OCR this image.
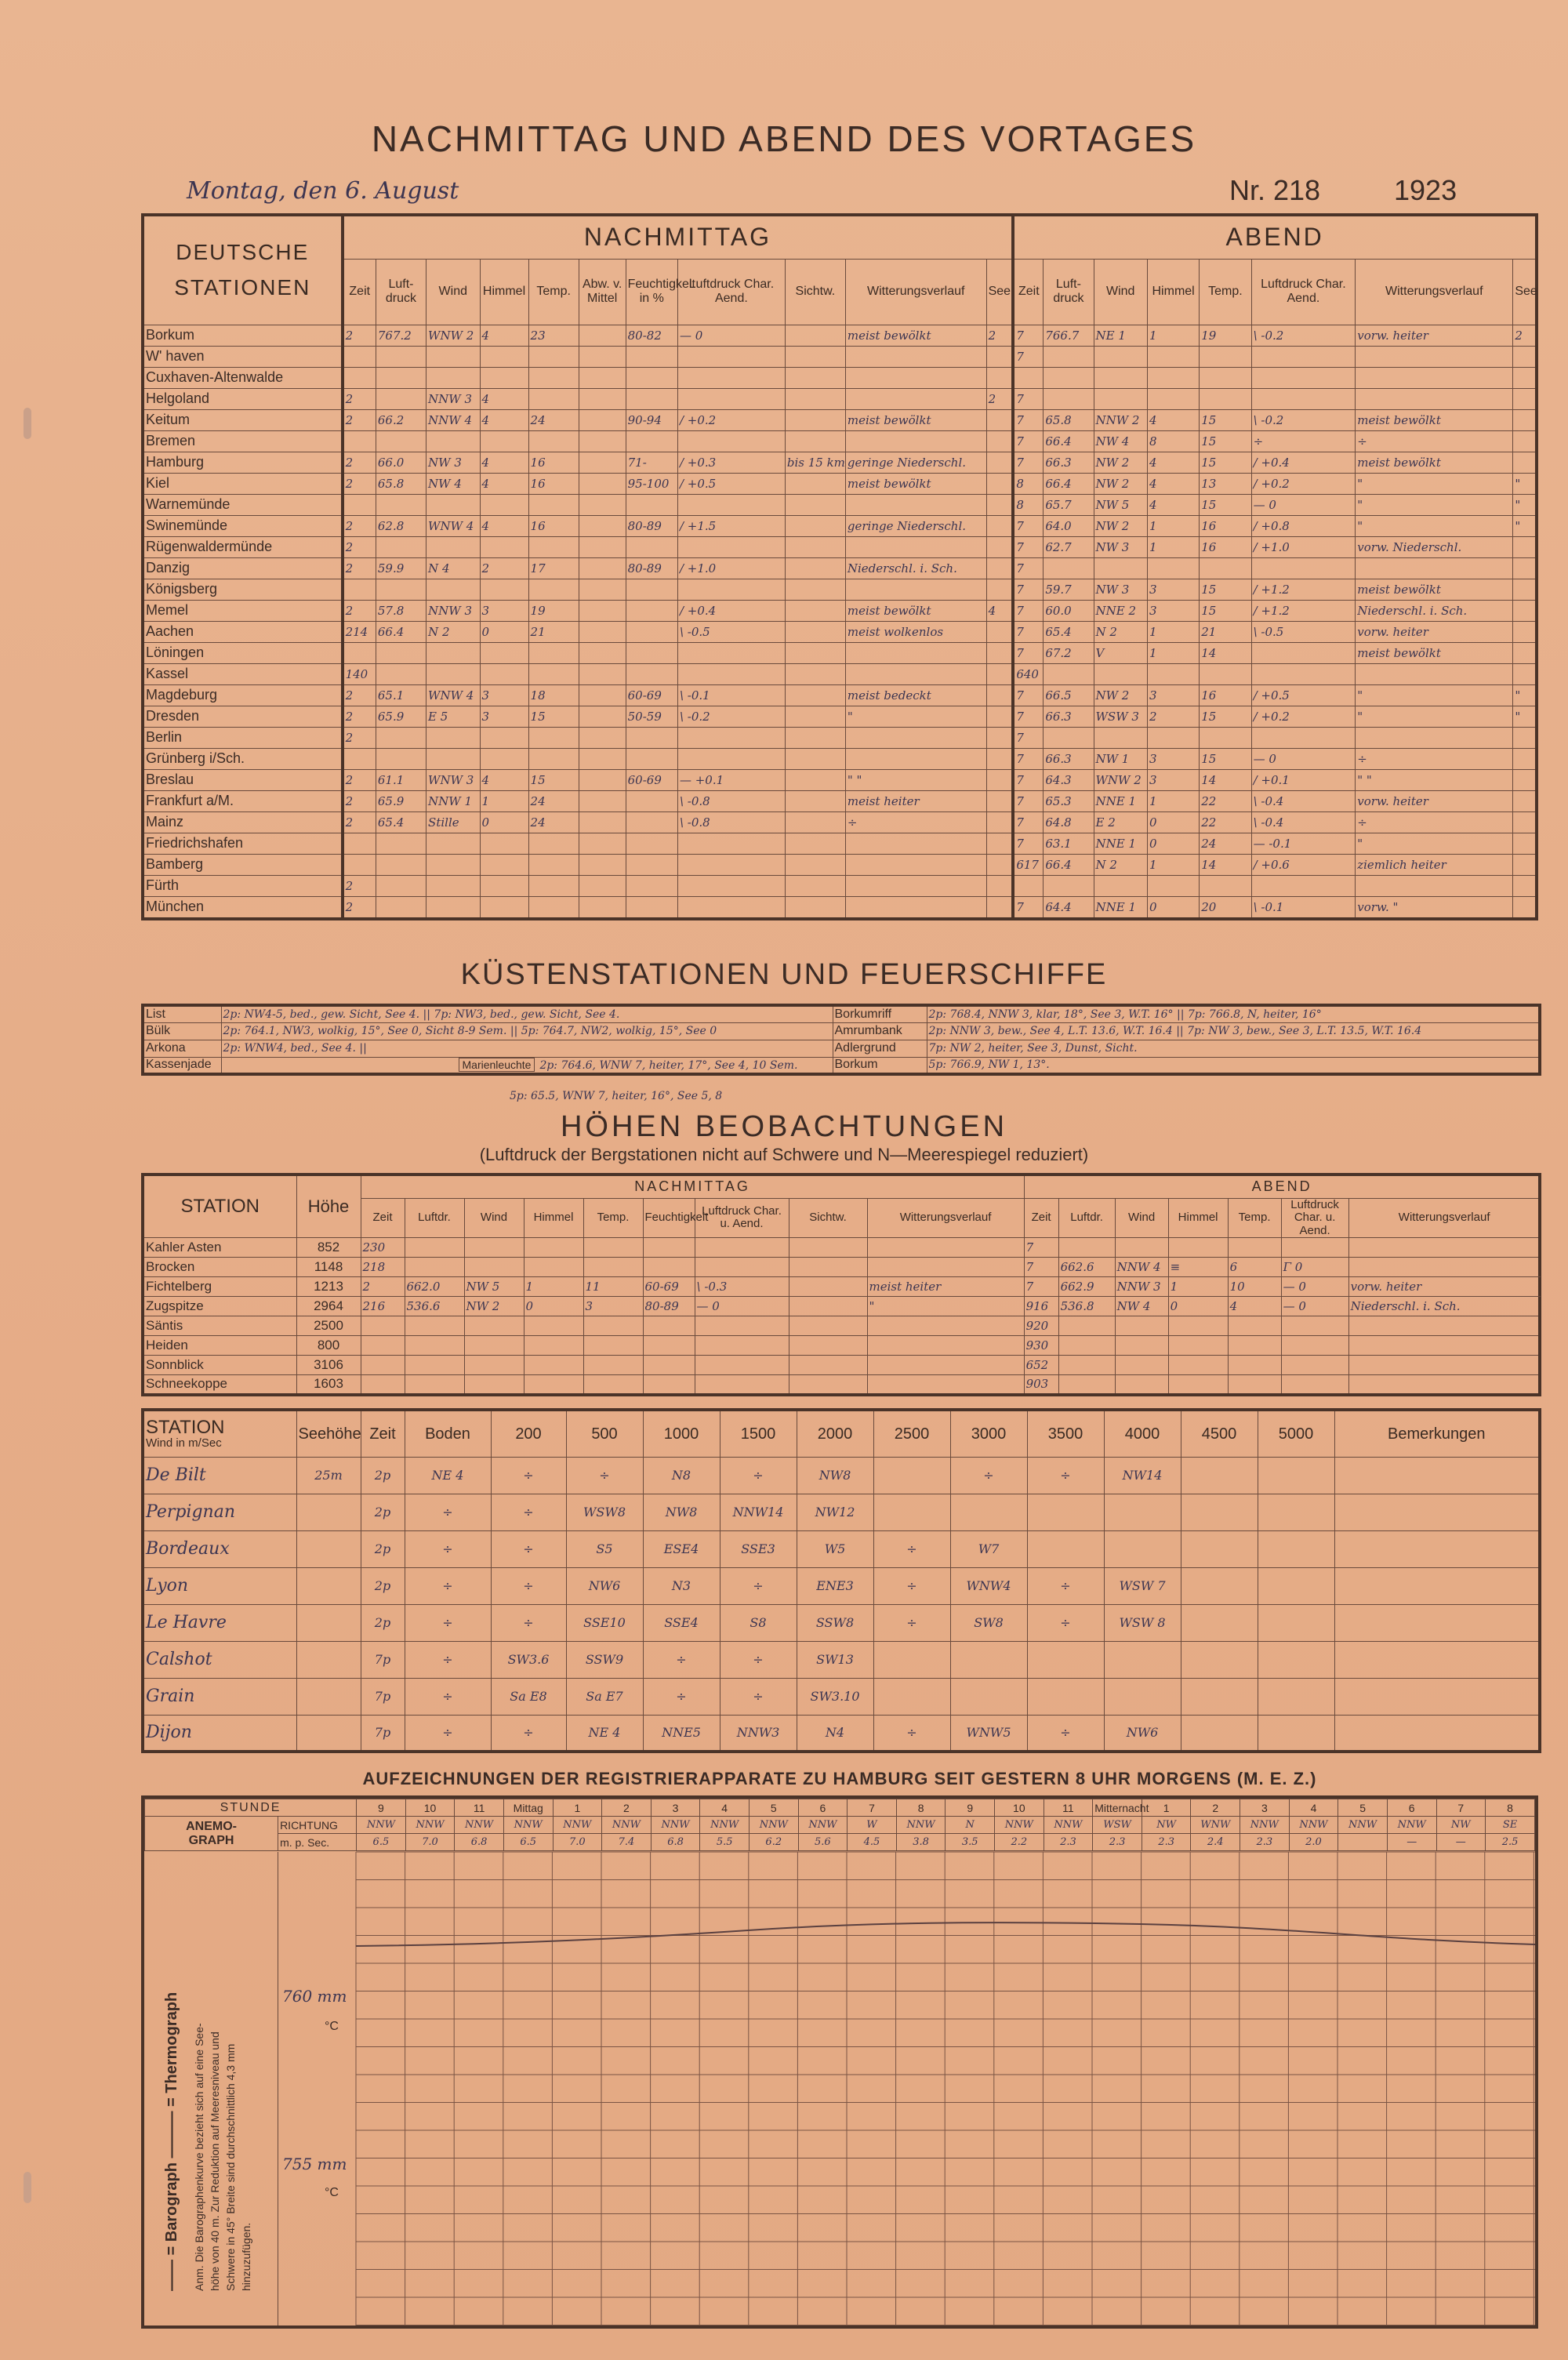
NACHMITTAG UND ABEND DES VORTAGES
Montag, den 6. August	Nr. 218	1923
DEUTSCHE
STATIONEN	NACHMITTAG											ABEND							
	Zeit	Luft-druck	Wind	Himmel	Temp.	Abw. v. Mittel	Feuchtigkeit in %	Luftdruck Char. Aend.	Sichtw.	Witterungsverlauf	See	Zeit	Luft-druck	Wind	Himmel	Temp.	Luftdruck Char. Aend.	Witterungsverlauf	See
Borkum	2	767.2	WNW 2	4	23		80-82	— 0		meist bewölkt	2	7	766.7	NE 1	1	19	\ -0.2	vorw. heiter	2
W' haven												7							
Cuxhaven-Altenwalde																			
Helgoland	2		NNW 3	4							2	7							
Keitum	2	66.2	NNW 4	4	24		90-94	/ +0.2		meist bewölkt		7	65.8	NNW 2	4	15	\ -0.2	meist bewölkt	
Bremen												7	66.4	NW 4	8	15	÷	÷	
Hamburg	2	66.0	NW 3	4	16		71-	/ +0.3	bis 15 km	geringe Niederschl.		7	66.3	NW 2	4	15	/ +0.4	meist bewölkt	
Kiel	2	65.8	NW 4	4	16		95-100	/ +0.5		meist bewölkt		8	66.4	NW 2	4	13	/ +0.2	"	"
Warnemünde												8	65.7	NW 5	4	15	— 0	"	"
Swinemünde	2	62.8	WNW 4	4	16		80-89	/ +1.5		geringe Niederschl.		7	64.0	NW 2	1	16	/ +0.8	"	"
Rügenwaldermünde	2											7	62.7	NW 3	1	16	/ +1.0	vorw. Niederschl.	
Danzig	2	59.9	N 4	2	17		80-89	/ +1.0		Niederschl. i. Sch.		7							
Königsberg												7	59.7	NW 3	3	15	/ +1.2	meist bewölkt	
Memel	2	57.8	NNW 3	3	19			/ +0.4		meist bewölkt	4	7	60.0	NNE 2	3	15	/ +1.2	Niederschl. i. Sch.	
Aachen	214	66.4	N 2	0	21			\ -0.5		meist wolkenlos		7	65.4	N 2	1	21	\ -0.5	vorw. heiter	
Löningen												7	67.2	V	1	14		meist bewölkt	
Kassel	140											640							
Magdeburg	2	65.1	WNW 4	3	18		60-69	\ -0.1		meist bedeckt		7	66.5	NW 2	3	16	/ +0.5	"	"
Dresden	2	65.9	E 5	3	15		50-59	\ -0.2		"		7	66.3	WSW 3	2	15	/ +0.2	"	"
Berlin	2											7							
Grünberg i/Sch.												7	66.3	NW 1	3	15	— 0	÷	
Breslau	2	61.1	WNW 3	4	15		60-69	— +0.1		" "		7	64.3	WNW 2	3	14	/ +0.1	" "	
Frankfurt a/M.	2	65.9	NNW 1	1	24			\ -0.8		meist heiter		7	65.3	NNE 1	1	22	\ -0.4	vorw. heiter	
Mainz	2	65.4	Stille	0	24			\ -0.8		÷		7	64.8	E 2	0	22	\ -0.4	÷	
Friedrichshafen												7	63.1	NNE 1	0	24	— -0.1	"	
Bamberg												617	66.4	N 2	1	14	/ +0.6	ziemlich heiter	
Fürth	2																		
München	2											7	64.4	NNE 1	0	20	\ -0.1	vorw. "	
KÜSTENSTATIONEN UND FEUERSCHIFFE
List	2p: NW4-5, bed., gew. Sicht, See 4. || 7p: NW3, bed., gew. Sicht, See 4.	Borkumriff	2p: 768.4, NNW 3, klar, 18°, See 3, W.T. 16° || 7p: 766.8, N, heiter, 16°
Bülk	2p: 764.1, NW3, wolkig, 15°, See 0, Sicht 8-9 Sem. || 5p: 764.7, NW2, wolkig, 15°, See 0	Amrumbank	2p: NNW 3, bew., See 4, L.T. 13.6, W.T. 16.4 || 7p: NW 3, bew., See 3, L.T. 13.5, W.T. 16.4
Arkona	2p: WNW4, bed., See 4. ||	Adlergrund	7p: NW 2, heiter, See 3, Dunst, Sicht.
Kassenjade	Marienleuchte 2p: 764.6, WNW 7, heiter, 17°, See 4, 10 Sem.	Borkum	5p: 766.9, NW 1, 13°.
5p: 65.5, WNW 7, heiter, 16°, See 5, 8
HÖHEN BEOBACHTUNGEN
(Luftdruck der Bergstationen nicht auf Schwere und N—Meerespiegel reduziert)
STATION	Höhe	NACHMITTAG									ABEND							
		Zeit	Luftdr.	Wind	Himmel	Temp.	Feuchtigkeit	Luftdruck Char. u. Aend.	Sichtw.	Witterungsverlauf	Zeit	Luftdr.	Wind	Himmel	Temp.	Luftdruck Char. u. Aend.	Witterungsverlauf	
Kahler Asten	852	230									7							
Brocken	1148	218									7	662.6	NNW 4	≡	6	Γ 0		
Fichtelberg	1213	2	662.0	NW 5	1	11	60-69	\ -0.3		meist heiter	7	662.9	NNW 3	1	10	— 0	vorw. heiter	
Zugspitze	2964	216	536.6	NW 2	0	3	80-89	— 0		"	916	536.8	NW 4	0	4	— 0	Niederschl. i. Sch.	
Säntis	2500										920							
Heiden	800										930							
Sonnblick	3106										652							
Schneekoppe	1603										903							
STATION
Wind in m/Sec	Seehöhe	Zeit	Boden	200	500	1000	1500	2000	2500	3000	3500	4000	4500	5000	Bemerkungen
De Bilt	25m	2p	NE 4	÷	÷	N8	÷	NW8		÷	÷	NW14			
Perpignan		2p	÷	÷	WSW8	NW8	NNW14	NW12							
Bordeaux		2p	÷	÷	S5	ESE4	SSE3	W5	÷	W7					
Lyon		2p	÷	÷	NW6	N3	÷	ENE3	÷	WNW4	÷	WSW 7			
Le Havre		2p	÷	÷	SSE10	SSE4	S8	SSW8	÷	SW8	÷	WSW 8			
Calshot		7p	÷	SW3.6	SSW9	÷	÷	SW13							
Grain		7p	÷	Sa E8	Sa E7	÷	÷	SW3.10							
Dijon		7p	÷	÷	NE 4	NNE5	NNW3	N4	÷	WNW5	÷	NW6			
AUFZEICHNUNGEN DER REGISTRIERAPPARATE ZU HAMBURG SEIT GESTERN 8 UHR MORGENS (M. E. Z.)
STUNDE		9	10	11	Mittag	1	2	3	4	5	6	7	8	9	10	11	Mitternacht	1	2	3	4	5	6	7	8

ANEMO-
GRAPH	RICHTUNG	NNW	NNW	NNW	NNW	NNW	NNW	NNW	NNW	NNW	NNW	W	NNW	N	NNW	NNW	WSW	NW	WNW	NNW	NNW	NNW	NNW	NW	SE
	m. p. Sec.	6.5	7.0	6.8	6.5	7.0	7.4	6.8	5.5	6.2	5.6	4.5	3.8	3.5	2.2	2.3	2.3	2.3	2.4	2.3	2.0		—	—	2.5
—— = Barograph ——— = Thermograph Anm. Die Barographenkurve bezieht sich auf eine See- höhe von 40 m. Zur Reduktion auf Meeresniveau und Schwere in 45° Breite sind durchschnittlich 4,3 mm hinzuzufügen.
760 mm
°C
755 mm
°C
